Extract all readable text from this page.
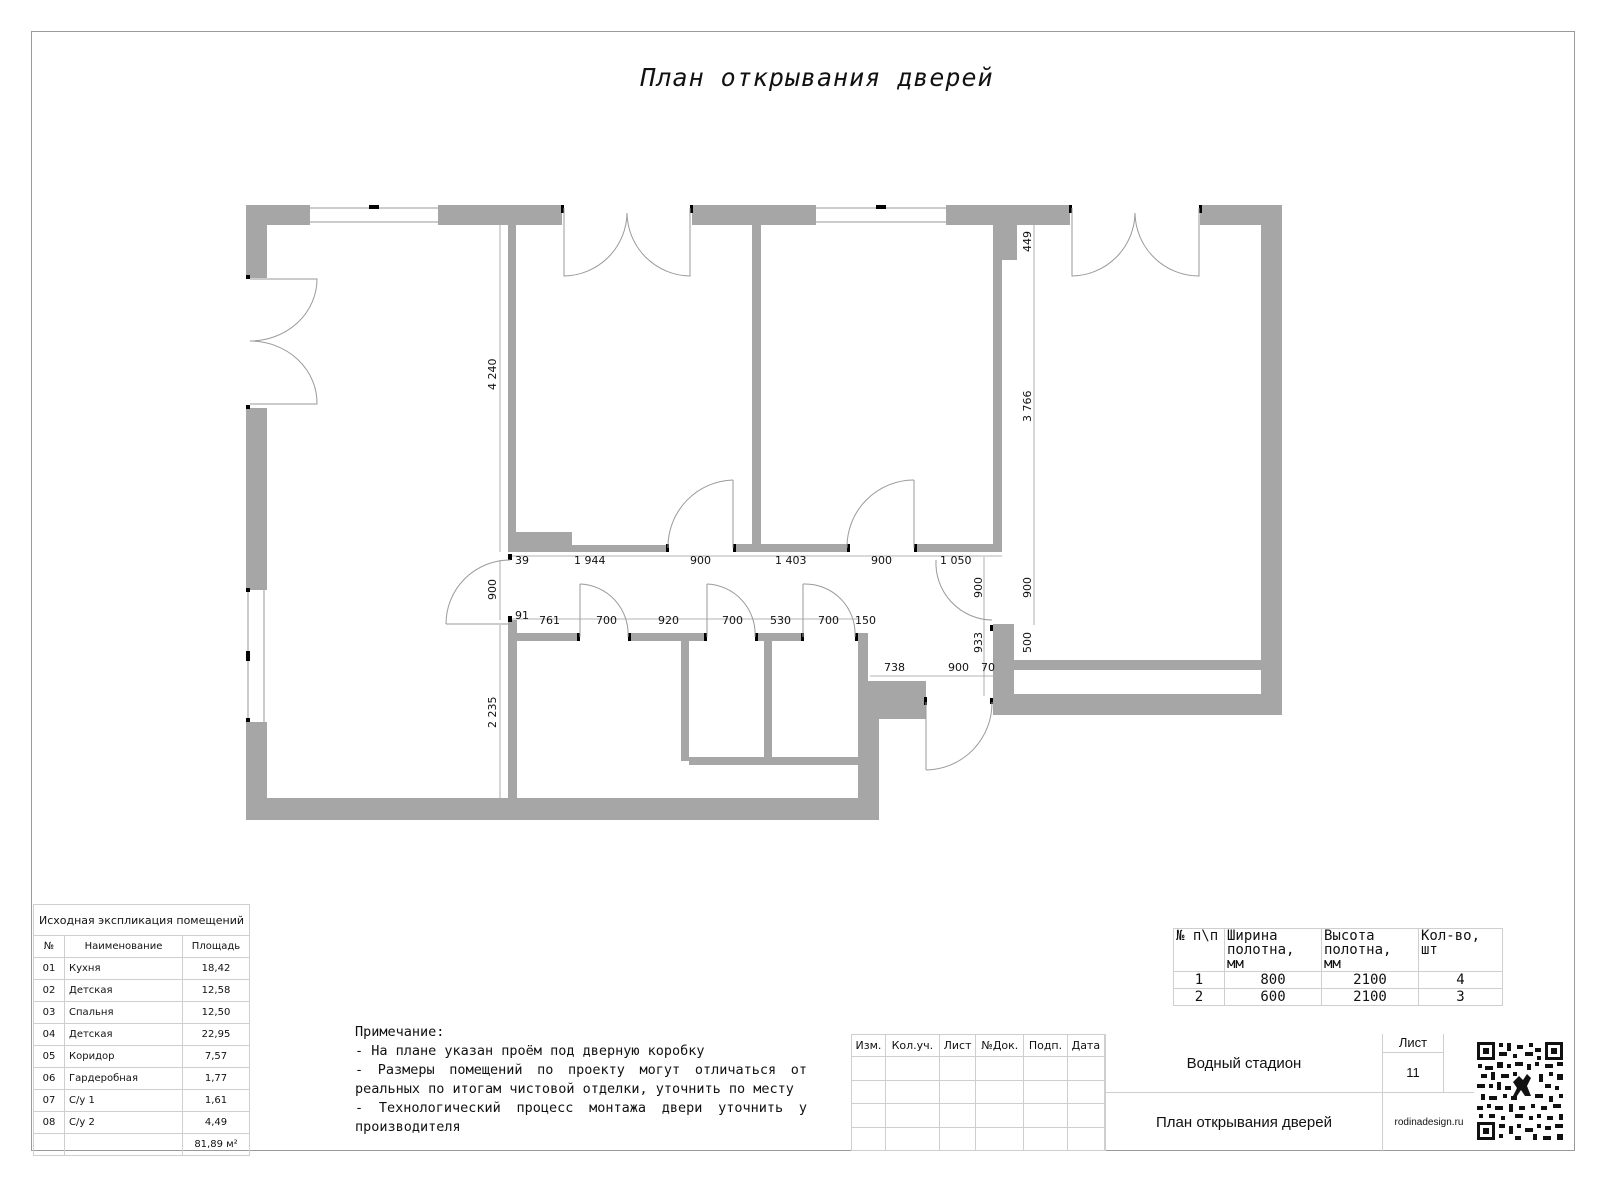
План открывания дверей
39	1 944	900	1 403	900	1 050
91 761	700	920	700 530 700 150
738	900 70
4 240
3 766
449
900
2 235
900
933
900
500
Исходная экспликация помещений		
№	Наименование	Площадь
01	Кухня	18,42
02	Детская	12,58
03	Спальня	12,50
04	Детская	22,95
05	Коридор	7,57
06	Гардеробная	1,77
07	С/у 1	1,61
08	С/у 2	4,49
		81,89 м²
№ п\п	Ширина полотна, мм	Высота полотна, мм	Кол-во, шт
1	800	2100	4
2	600	2100	3
Примечание:
- На плане указан проём под дверную коробку
- Размеры помещений по проекту могут отличаться от реальных по итогам чистовой отделки, уточнить по месту
- Технологический процесс монтажа двери уточнить у производителя
Изм.	Кол.уч.	Лист	№Док.	Подп.	Дата

Водный стадион
План открывания дверей
Лист
11
rodinadesign.ru
